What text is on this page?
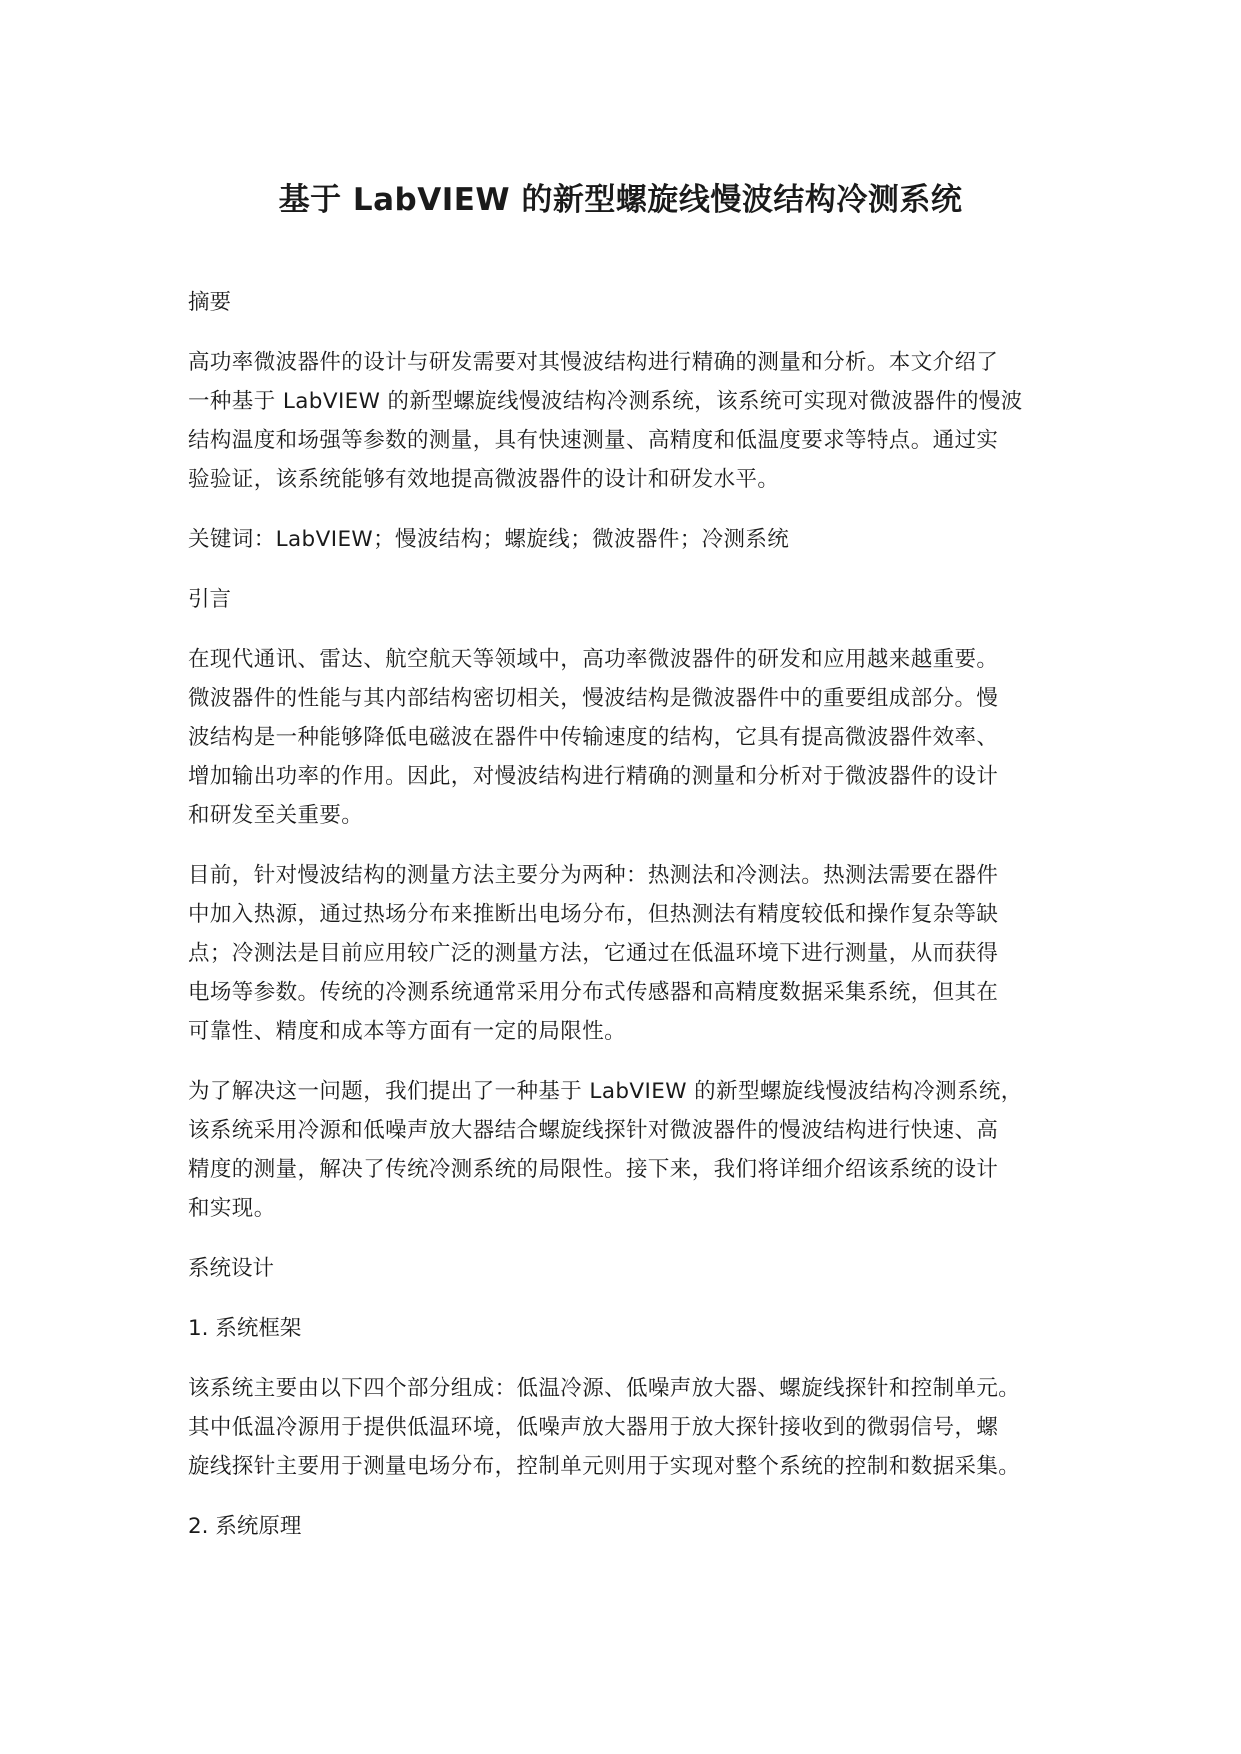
基于 LabVIEW 的新型螺旋线慢波结构冷测系统

摘要

高功率微波器件的设计与研发需要对其慢波结构进行精确的测量和分析。本文介绍了
一种基于 LabVIEW 的新型螺旋线慢波结构冷测系统，该系统可实现对微波器件的慢波
结构温度和场强等参数的测量，具有快速测量、高精度和低温度要求等特点。通过实
验验证，该系统能够有效地提高微波器件的设计和研发水平。

关键词：LabVIEW；慢波结构；螺旋线；微波器件；冷测系统

引言

在现代通讯、雷达、航空航天等领域中，高功率微波器件的研发和应用越来越重要。
微波器件的性能与其内部结构密切相关，慢波结构是微波器件中的重要组成部分。慢
波结构是一种能够降低电磁波在器件中传输速度的结构，它具有提高微波器件效率、
增加输出功率的作用。因此，对慢波结构进行精确的测量和分析对于微波器件的设计
和研发至关重要。

目前，针对慢波结构的测量方法主要分为两种：热测法和冷测法。热测法需要在器件
中加入热源，通过热场分布来推断出电场分布，但热测法有精度较低和操作复杂等缺
点；冷测法是目前应用较广泛的测量方法，它通过在低温环境下进行测量，从而获得
电场等参数。传统的冷测系统通常采用分布式传感器和高精度数据采集系统，但其在
可靠性、精度和成本等方面有一定的局限性。

为了解决这一问题，我们提出了一种基于 LabVIEW 的新型螺旋线慢波结构冷测系统，
该系统采用冷源和低噪声放大器结合螺旋线探针对微波器件的慢波结构进行快速、高
精度的测量，解决了传统冷测系统的局限性。接下来，我们将详细介绍该系统的设计
和实现。

系统设计

1. 系统框架

该系统主要由以下四个部分组成：低温冷源、低噪声放大器、螺旋线探针和控制单元。
其中低温冷源用于提供低温环境，低噪声放大器用于放大探针接收到的微弱信号，螺
旋线探针主要用于测量电场分布，控制单元则用于实现对整个系统的控制和数据采集。

2. 系统原理
